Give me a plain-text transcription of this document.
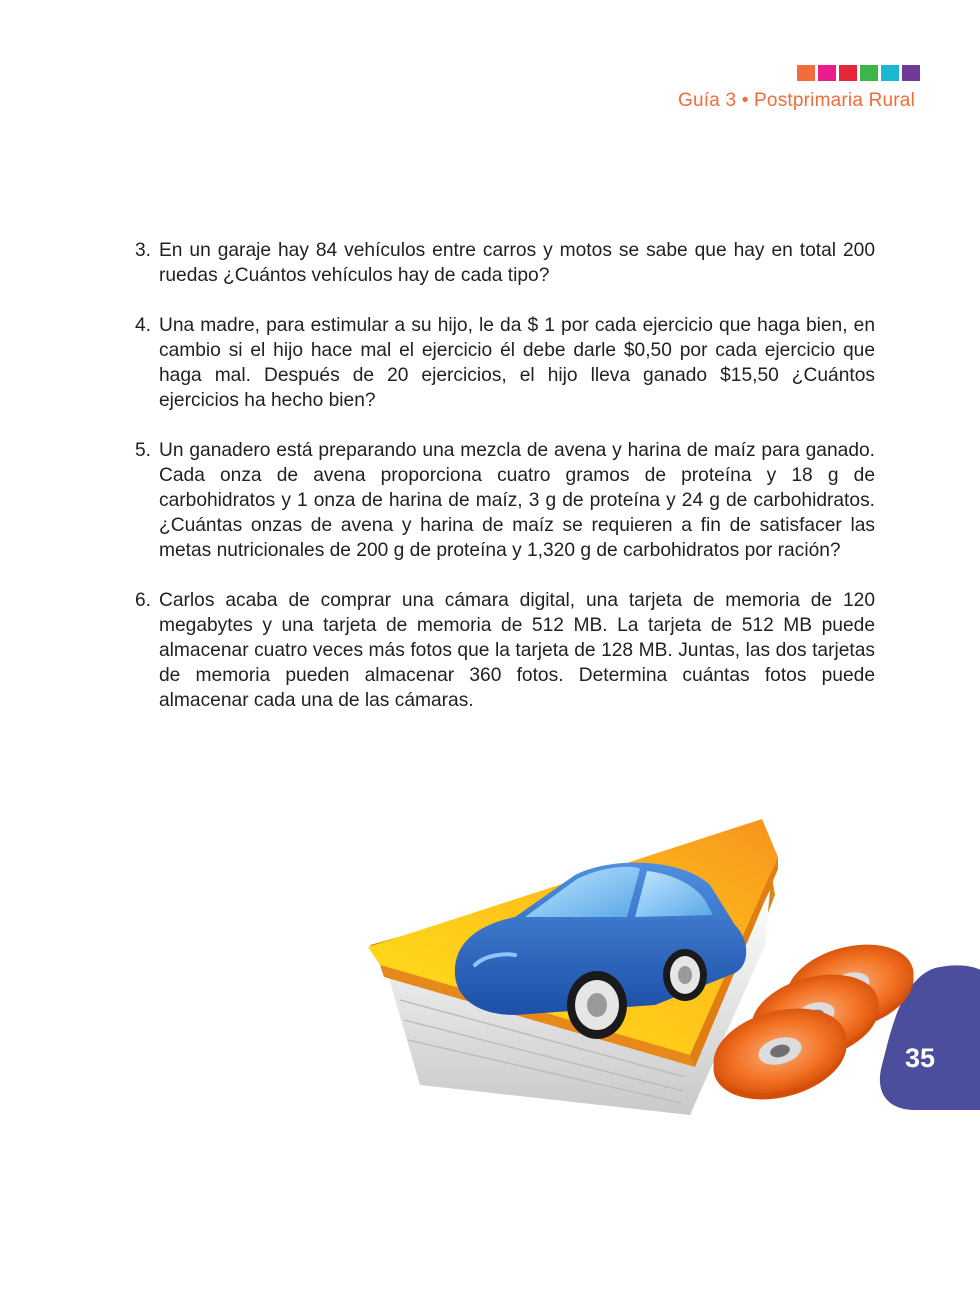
Guía 3 • Postprimaria Rural
3. En un garaje hay 84 vehículos entre carros y motos se sabe que hay en total 200 ruedas ¿Cuántos vehículos hay de cada tipo?
4. Una madre, para estimular a su hijo, le da $ 1 por cada ejercicio que haga bien, en cambio si el hijo hace mal el ejercicio él debe darle $0,50 por cada ejercicio que haga mal. Después de 20 ejercicios, el hijo lleva ganado $15,50 ¿Cuántos ejercicios ha hecho bien?
5. Un ganadero está preparando una mezcla de avena y harina de maíz para ganado. Cada onza de avena proporciona cuatro gramos de proteína y 18 g de carbohidratos y 1 onza de harina de maíz, 3 g de proteína y 24 g de carbohidratos. ¿Cuántas onzas de avena y harina de maíz se requieren a fin de satisfacer las metas nutricionales de 200 g de proteína y 1,320 g de carbohidratos por ración?
6. Carlos acaba de comprar una cámara digital, una tarjeta de memoria de 120 megabytes y una tarjeta de memoria de 512 MB. La tarjeta de 512 MB puede almacenar cuatro veces más fotos que la tarjeta de 128 MB. Juntas, las dos tarjetas de memoria pueden almacenar 360 fotos. Determina cuántas fotos puede almacenar cada una de las cámaras.
35
